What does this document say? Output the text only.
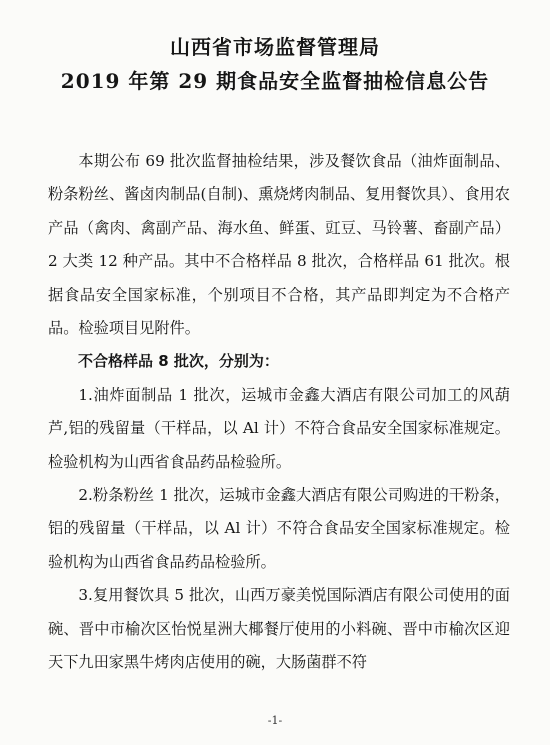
山西省市场监督管理局
2019 年第 29 期食品安全监督抽检信息公告

本期公布 69 批次监督抽检结果，涉及餐饮食品（油炸面制品、粉条粉丝、酱卤肉制品(自制)、熏烧烤肉制品、复用餐饮具）、食用农产品（禽肉、禽副产品、海水鱼、鲜蛋、豇豆、马铃薯、畜副产品）2 大类 12 种产品。其中不合格样品 8 批次，合格样品 61 批次。根据食品安全国家标准，个别项目不合格，其产品即判定为不合格产品。检验项目见附件。

不合格样品 8 批次，分别为：

1.油炸面制品 1 批次，运城市金鑫大酒店有限公司加工的风葫芦,铝的残留量（干样品，以 Al 计）不符合食品安全国家标准规定。检验机构为山西省食品药品检验所。

2.粉条粉丝 1 批次，运城市金鑫大酒店有限公司购进的干粉条，铝的残留量（干样品，以 Al 计）不符合食品安全国家标准规定。检验机构为山西省食品药品检验所。

3.复用餐饮具 5 批次，山西万豪美悦国际酒店有限公司使用的面碗、晋中市榆次区怡悦星洲大椰餐厅使用的小料碗、晋中市榆次区迎天下九田家黑牛烤肉店使用的碗，大肠菌群不符

-1-
